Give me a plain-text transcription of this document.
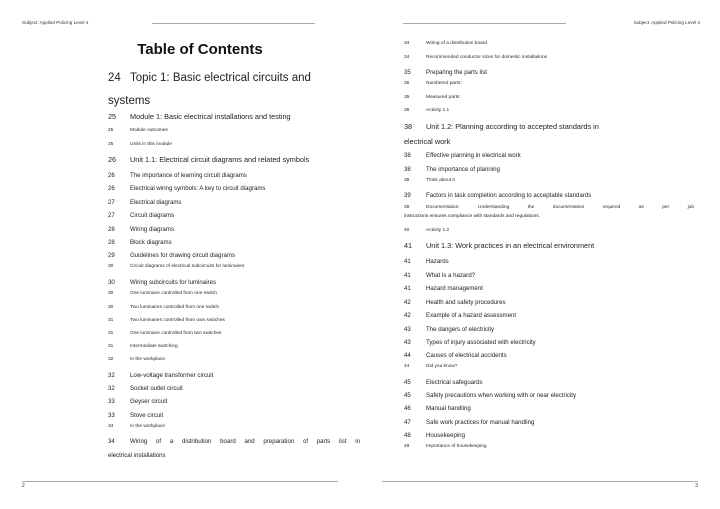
Subject: Applied Policing Level 4
Table of Contents
24 Topic 1: Basic electrical circuits and
systems
25 Module 1: Basic electrical installations and testing
25	Module outcomes
25	Units in this module
26 Unit 1.1: Electrical circuit diagrams and related symbols
26 The importance of learning circuit diagrams
26 Electrical wiring symbols: A key to circuit diagrams
27 Electrical diagrams
27 Circuit diagrams
28 Wiring diagrams
28 Block diagrams
29 Guidelines for drawing circuit diagrams
30	Circuit diagrams of electrical subcircuits for luminaires
30 Wiring subcircuits for luminaires
30	One luminaire controlled from one switch
30	Two luminaires controlled from one switch
31	Two luminaries controlled from own switches
31	One luminaire controlled from two switches
31	Intermediate switching
32	In the workplace
32 Low-voltage transformer circuit
32 Socket outlet circuit
33 Geyser circuit
33 Stove circuit
34	In the workplace
34 Wiring of a distribution board and preparation of parts list in
electrical installations
2
Subject: Applied Policing Level 4
34	Wiring of a distribution board
34	Recommended conductor sizes for domestic installations
35 Preparing the parts list
35	Numbered parts:
35	Measured parts:
36	Activity 1.1
38 Unit 1.2: Planning according to accepted standards in
electrical work
38 Effective planning in electrical work
38 The importance of planning
39	Think about it
39 Factors in task completion according to acceptable standards
39	Documentation: Understanding the documentation required as per job
instructions ensures compliance with standards and regulations.
40	Activity 1.2
41 Unit 1.3: Work practices in an electrical environment
41 Hazards
41 What is a hazard?
41 Hazard management
42 Health and safety procedures
42 Example of a hazard assessment
43 The dangers of electricity
43 Types of injury associated with electricity
44 Causes of electrical accidents
44	Did you know?
45 Electrical safeguards
45 Safety precautions when working with or near electricity
46 Manual handling
47 Safe work practices for manual handling
48 Housekeeping
48	Importance of housekeeping
3
